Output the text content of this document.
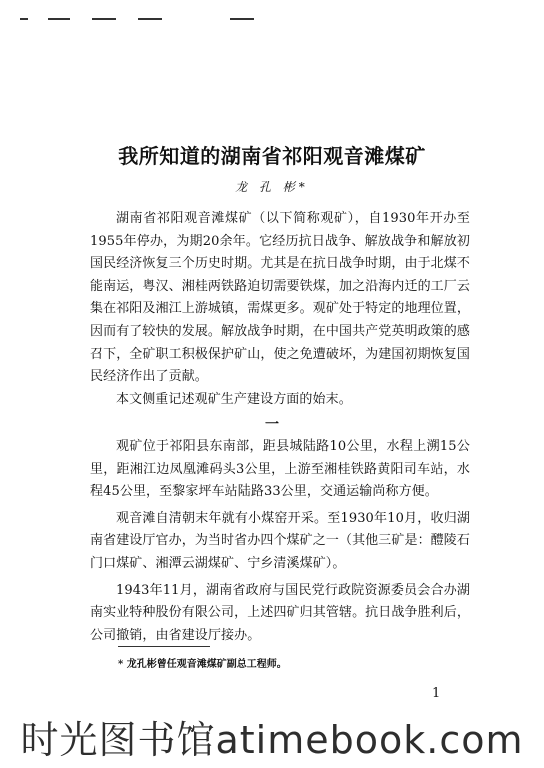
我所知道的湖南省祁阳观音滩煤矿
龙 孔 彬*

湖南省祁阳观音滩煤矿（以下简称观矿），自1930年开办至1955年停办，为期20余年。它经历抗日战争、解放战争和解放初国民经济恢复三个历史时期。尤其是在抗日战争时期，由于北煤不能南运，粤汉、湘桂两铁路迫切需要铁煤，加之沿海内迁的工厂云集在祁阳及湘江上游城镇，需煤更多。观矿处于特定的地理位置，因而有了较快的发展。解放战争时期，在中国共产党英明政策的感召下，全矿职工积极保护矿山，使之免遭破坏，为建国初期恢复国民经济作出了贡献。

本文侧重记述观矿生产建设方面的始末。

一

观矿位于祁阳县东南部，距县城陆路10公里，水程上溯15公里，距湘江边凤凰滩码头3公里，上游至湘桂铁路黄阳司车站，水程45公里，至黎家坪车站陆路33公里，交通运输尚称方便。

观音滩自清朝末年就有小煤窑开采。至1930年10月，收归湖南省建设厅官办，为当时省办四个煤矿之一（其他三矿是：醴陵石门口煤矿、湘潭云湖煤矿、宁乡清溪煤矿）。

1943年11月，湖南省政府与国民党行政院资源委员会合办湖南实业特种股份有限公司，上述四矿归其管辖。抗日战争胜利后，公司撤销，由省建设厅接办。

* 龙孔彬曾任观音滩煤矿副总工程师。
1
时光图书馆atimebook.com
